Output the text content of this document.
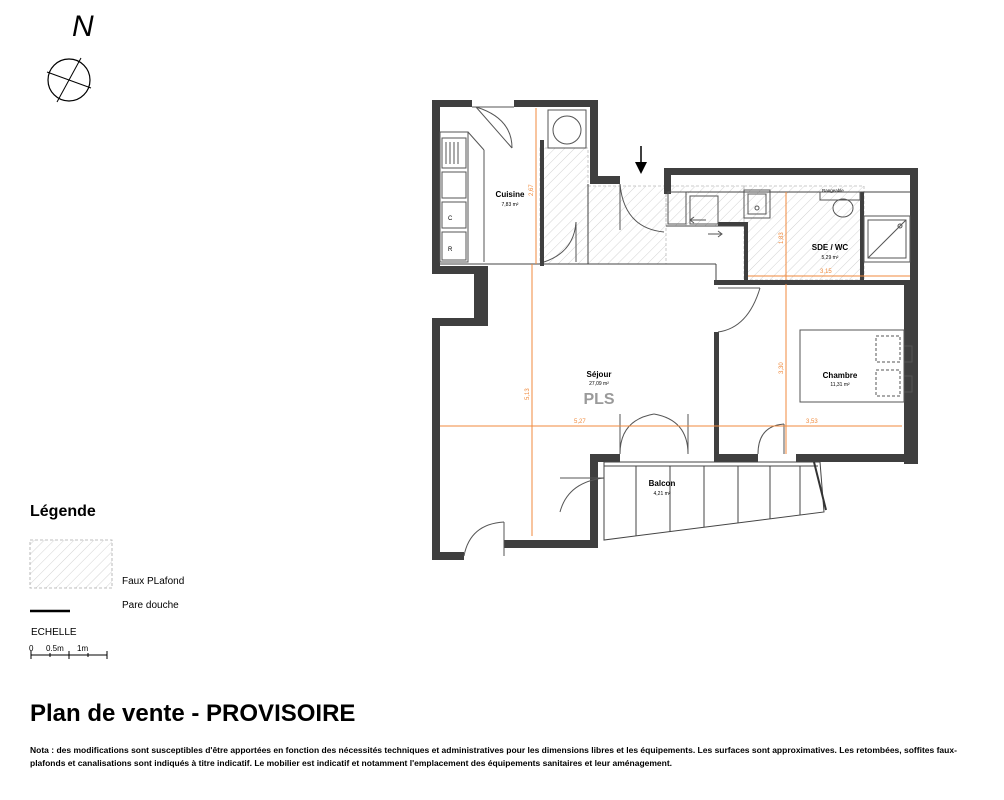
N
C
R
Rangeable
2,67
5,13
5,27	3,53
1,83
3,15
3,30
Cuisine
7,83 m²
Séjour
27,09 m²
PLS
SDE / WC
5,29 m²
Chambre
11,31 m²
Balcon
4,21 m²
Légende
Faux PLafond
Pare douche
ECHELLE
0 0.5m 1m
Plan de vente - PROVISOIRE
Nota : des modifications sont susceptibles d'être apportées en fonction des nécessités techniques et administratives pour les dimensions libres et les équipements. Les surfaces sont approximatives. Les retombées, soffites faux-plafonds et canalisations sont indiqués à titre indicatif. Le mobilier est indicatif et notamment l'emplacement des équipements sanitaires et leur aménagement.
